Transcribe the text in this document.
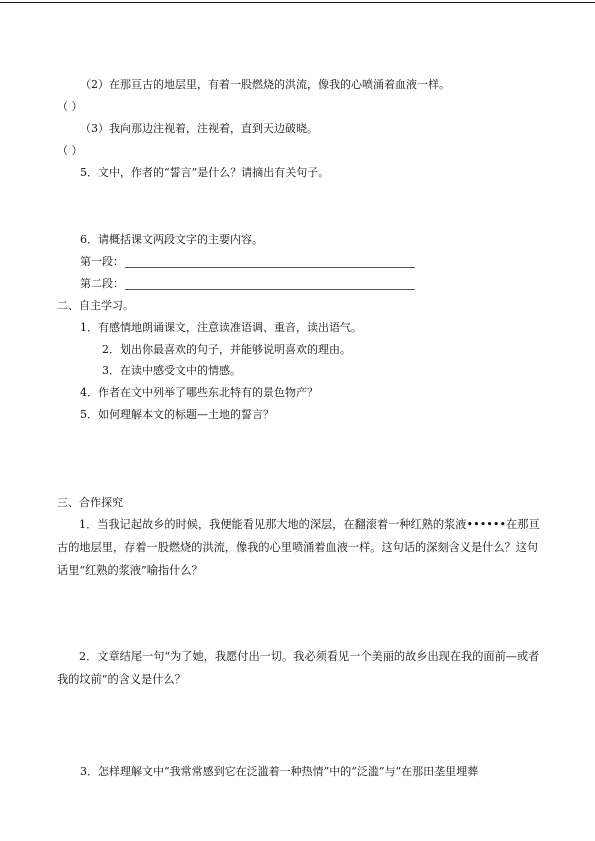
（2）在那亘古的地层里，有着一股燃烧的洪流，像我的心喷涌着血液一样。
（ ）
（3）我向那边注视着，注视着，直到天边破晓。
（ ）
5．文中，作者的“誓言”是什么？请摘出有关句子。
6．请概括课文两段文字的主要内容。
第一段：
第二段：
二、自主学习。
1．有感情地朗诵课文，注意读准语调、重音，读出语气。
2．划出你最喜欢的句子，并能够说明喜欢的理由。
3．在读中感受文中的情感。
4．作者在文中列举了哪些东北特有的景色物产？
5．如何理解本文的标题—土地的誓言？
三、合作探究
1．当我记起故乡的时候，我便能看见那大地的深层，在翻滚着一种红熟的浆液••••••在那亘古的地层里，存着一股燃烧的洪流，像我的心里喷涌着血液一样。这句话的深刻含义是什么？这句话里“红熟的浆液”喻指什么？
2．文章结尾一句“为了她，我愿付出一切。我必须看见一个美丽的故乡出现在我的面前—或者我的坟前”的含义是什么？
3．怎样理解文中“我常常感到它在泛滥着一种热情”中的“泛滥”与“在那田垄里埋葬
